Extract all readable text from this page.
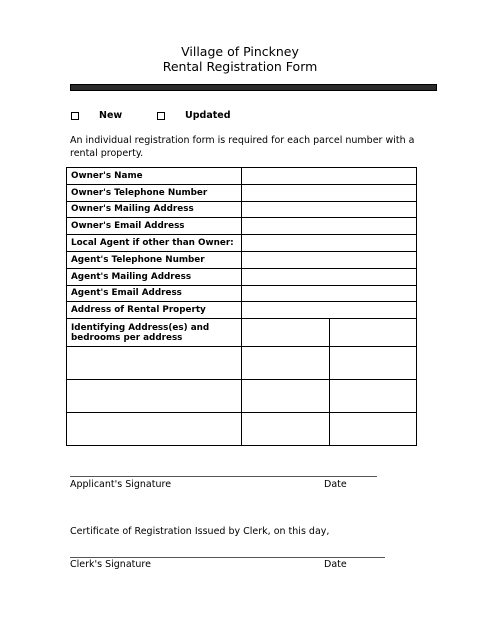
Village of Pinckney
Rental Registration Form
New	Updated
An individual registration form is required for each parcel number with a rental property.
Owner's Name		
Owner's Telephone Number		
Owner's Mailing Address		
Owner's Email Address		
Local Agent if other than Owner:		
Agent's Telephone Number		
Agent's Mailing Address		
Agent's Email Address		
Address of Rental Property		
Identifying Address(es) and bedrooms per address		

Applicant's Signature	Date
Certificate of Registration Issued by Clerk, on this day,
Clerk's Signature	Date
